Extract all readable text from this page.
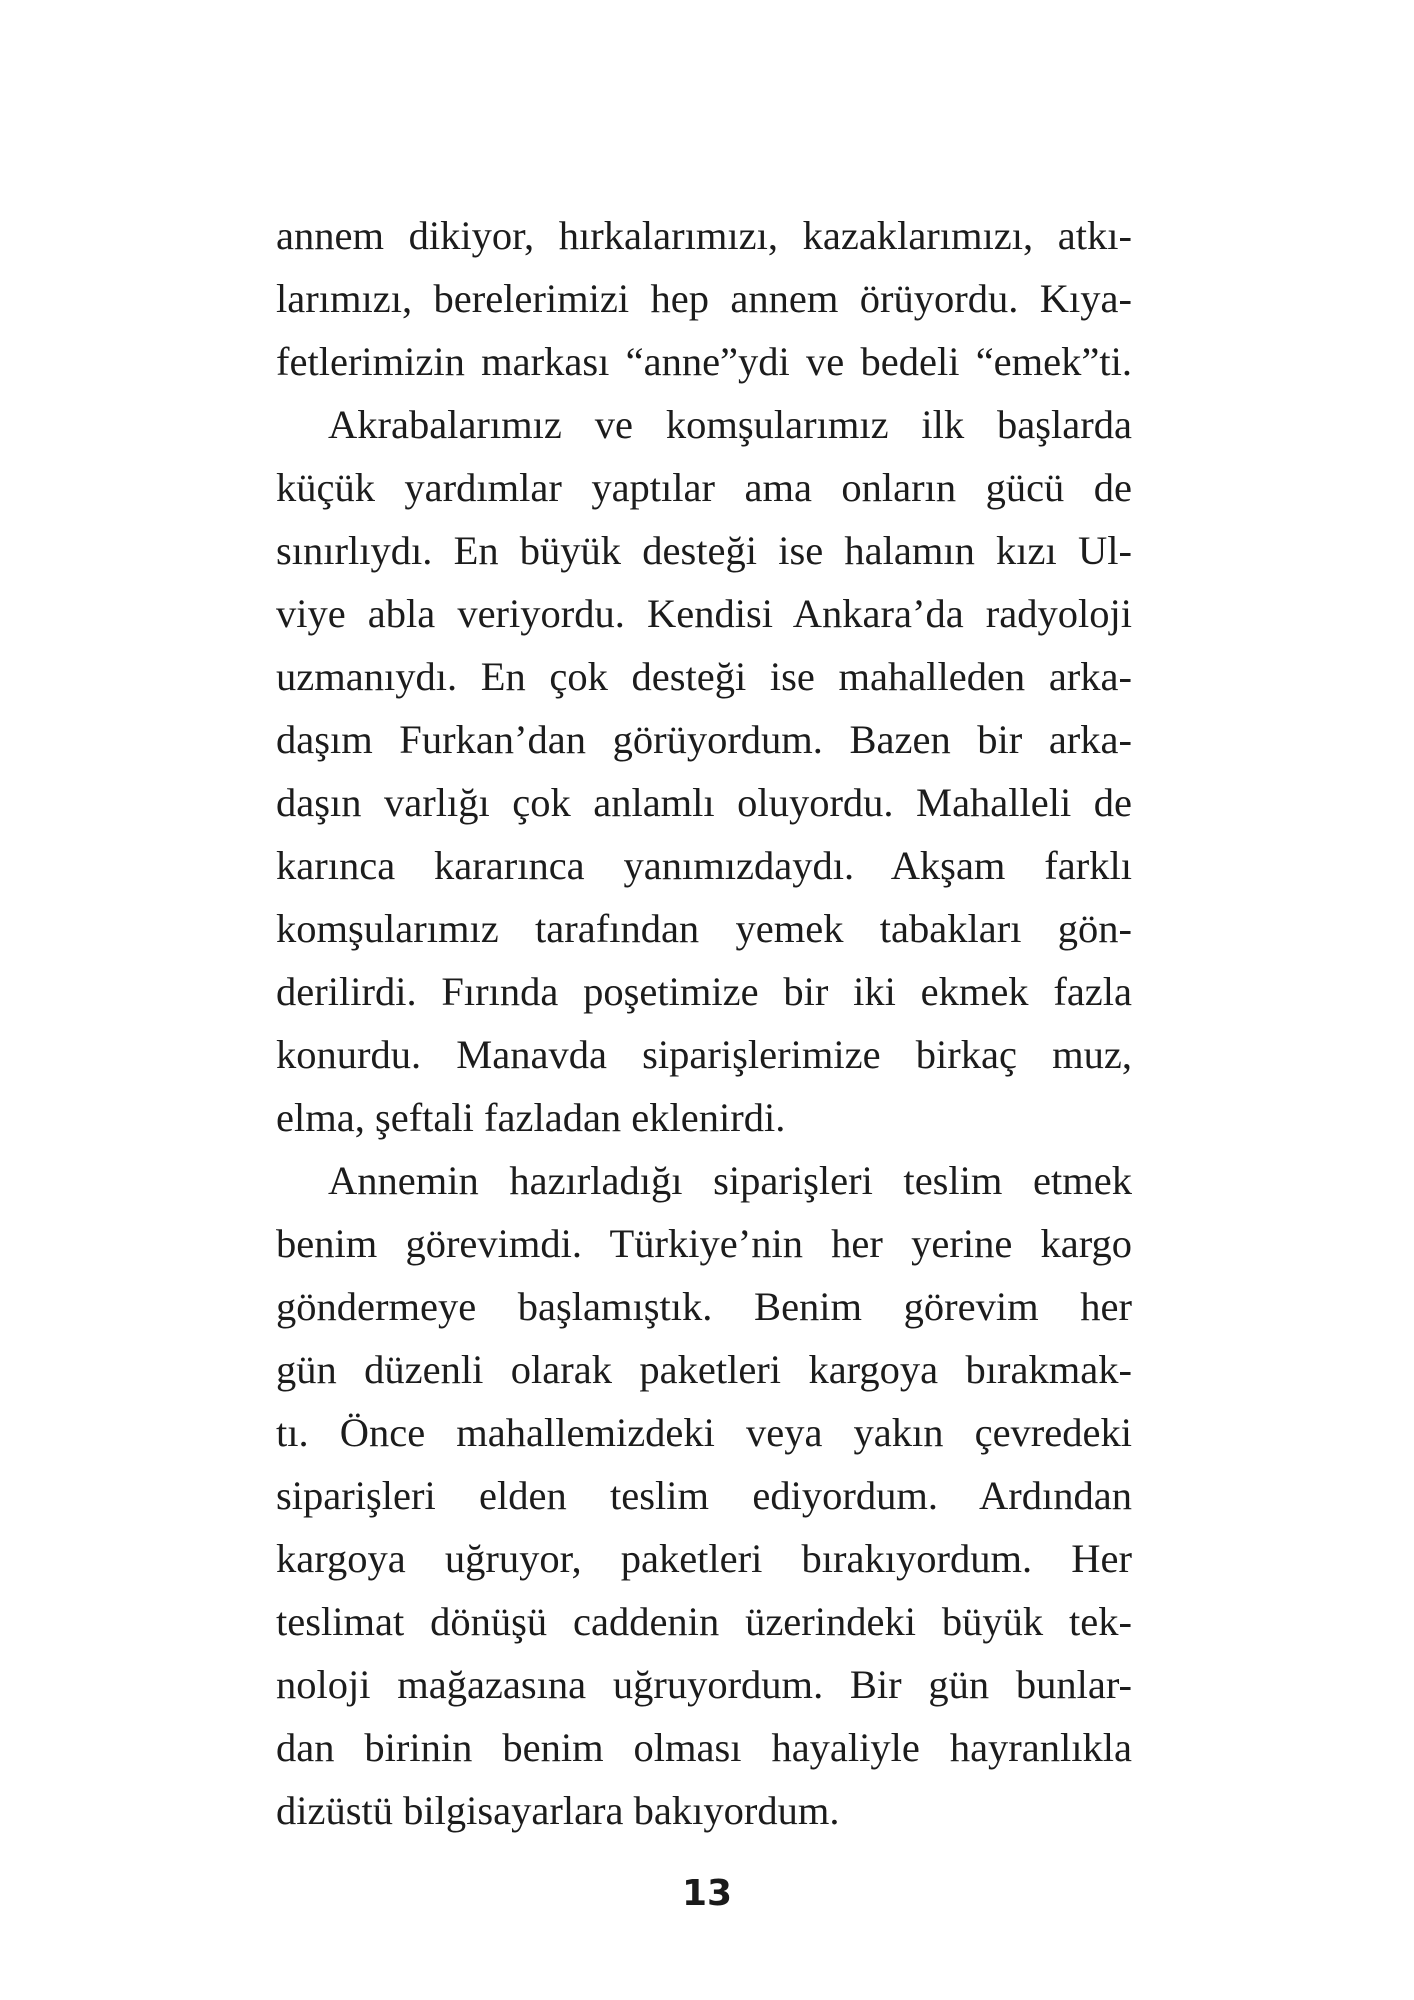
annem dikiyor, hırkalarımızı, kazaklarımızı, atkı-
larımızı, berelerimizi hep annem örüyordu. Kıya-
fetlerimizin markası “anne”ydi ve bedeli “emek”ti.
Akrabalarımız ve komşularımız ilk başlarda
küçük yardımlar yaptılar ama onların gücü de
sınırlıydı. En büyük desteği ise halamın kızı Ul-
viye abla veriyordu. Kendisi Ankara’da radyoloji
uzmanıydı. En çok desteği ise mahalleden arka-
daşım Furkan’dan görüyordum. Bazen bir arka-
daşın varlığı çok anlamlı oluyordu. Mahalleli de
karınca kararınca yanımızdaydı. Akşam farklı
komşularımız tarafından yemek tabakları gön-
derilirdi. Fırında poşetimize bir iki ekmek fazla
konurdu. Manavda siparişlerimize birkaç muz,
elma, şeftali fazladan eklenirdi.
Annemin hazırladığı siparişleri teslim etmek
benim görevimdi. Türkiye’nin her yerine kargo
göndermeye başlamıştık. Benim görevim her
gün düzenli olarak paketleri kargoya bırakmak-
tı. Önce mahallemizdeki veya yakın çevredeki
siparişleri elden teslim ediyordum. Ardından
kargoya uğruyor, paketleri bırakıyordum. Her
teslimat dönüşü caddenin üzerindeki büyük tek-
noloji mağazasına uğruyordum. Bir gün bunlar-
dan birinin benim olması hayaliyle hayranlıkla
dizüstü bilgisayarlara bakıyordum.
13
